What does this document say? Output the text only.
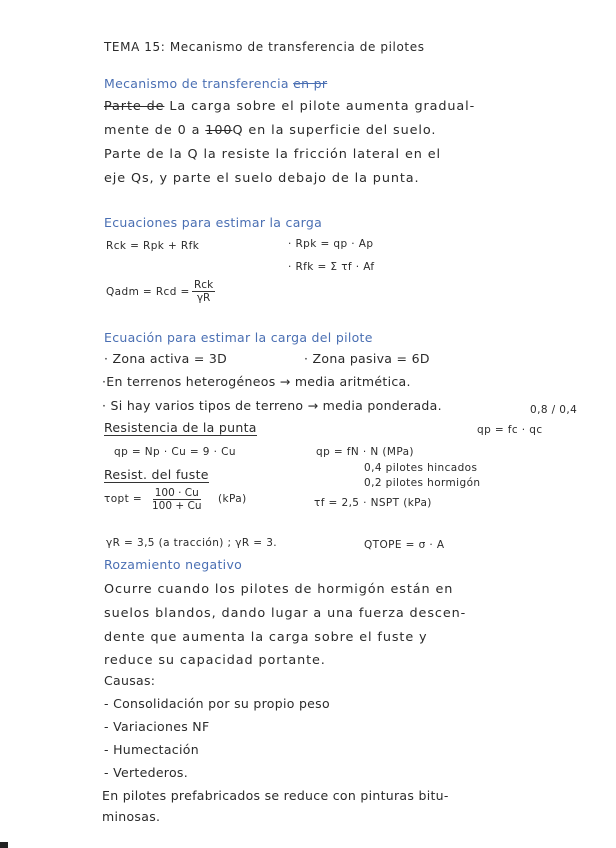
TEMA 15: Mecanismo de transferencia de pilotes
Mecanismo de transferencia en pr
Parte de La carga sobre el pilote aumenta gradual-
mente de 0 a 100Q en la superficie del suelo.
Parte de la Q la resiste la fricción lateral en el
eje Qs, y parte el suelo debajo de la punta.
Ecuaciones para estimar la carga
Rck = Rpk + Rfk	· Rpk = qp · Ap
· Rfk = Σ τf · Af
Qadm = Rcd =
Rck
γR
Ecuación para estimar la carga del pilote
· Zona activa = 3D	· Zona pasiva = 6D
·En terrenos heterogéneos → media aritmética.
· Si hay varios tipos de terreno → media ponderada.	0,8 / 0,4
qp = fc · qc
Resistencia de la punta
qp = Np · Cu = 9 · Cu	qp = fN · N (MPa)
0,4 pilotes hincados
0,2 pilotes hormigón
Resist. del fuste
$\tau opt = \frac{100 \cdot Cu}{100 + Cu} (kPa)$	τf = 2,5 · NSPT (kPa)
γR = 3,5 (a tracción) ; γR = 3.	QTOPE = σ · A
Rozamiento negativo
Ocurre cuando los pilotes de hormigón están en
suelos blandos, dando lugar a una fuerza descen-
dente que aumenta la carga sobre el fuste y
reduce su capacidad portante.
Causas:
- Consolidación por su propio peso
- Variaciones NF
- Humectación
- Vertederos.
En pilotes prefabricados se reduce con pinturas bitu-
minosas.
